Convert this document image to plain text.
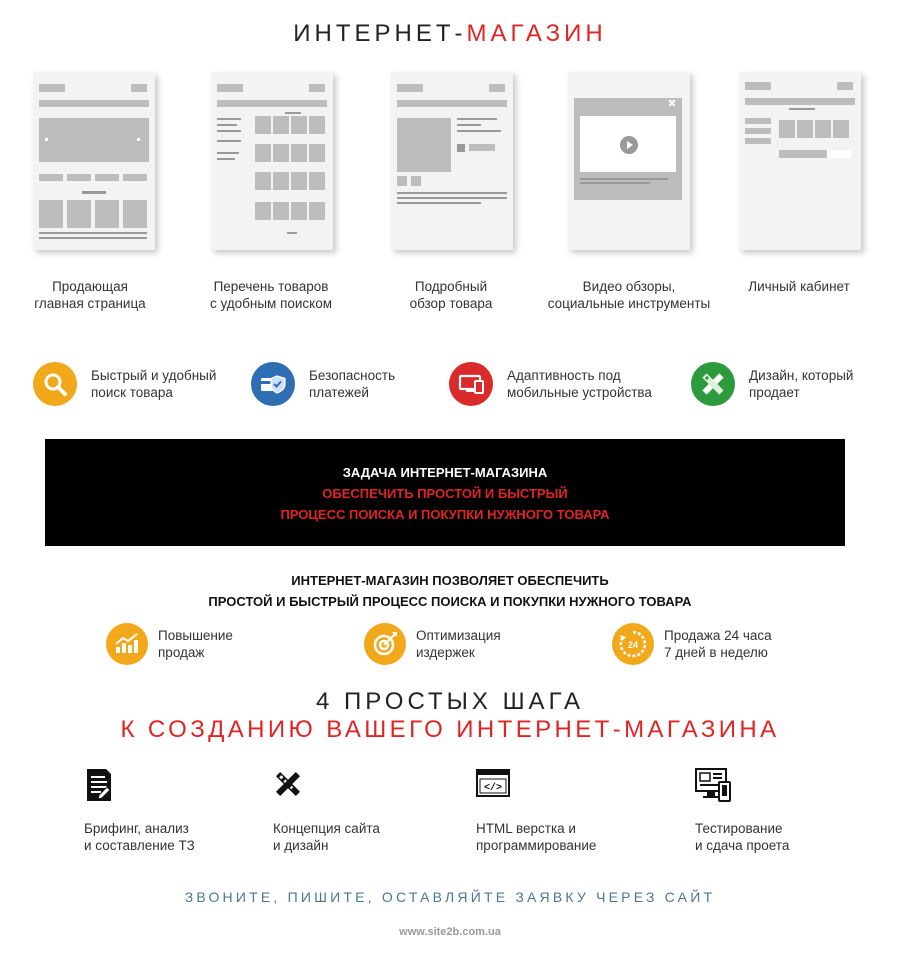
ИНТЕРНЕТ-МАГАЗИН
Продающая
главная страница
Перечень товаров
с удобным поиском
Подробный
обзор товара
Видео обзоры,
социальные инструменты
Личный кабинет
Быстрый и удобный
поиск товара
Безопасность
платежей
Адаптивность под
мобильные устройства
Дизайн, который
продает

ЗАДАЧА ИНТЕРНЕТ-МАГАЗИНА

ОБЕСПЕЧИТЬ ПРОСТОЙ И БЫСТРЫЙ

ПРОЦЕСС ПОИСКА И ПОКУПКИ НУЖНОГО ТОВАРА

ИНТЕРНЕТ-МАГАЗИН ПОЗВОЛЯЕТ ОБЕСПЕЧИТЬ
ПРОСТОЙ И БЫСТРЫЙ ПРОЦЕСС ПОИСКА И ПОКУПКИ НУЖНОГО ТОВАРА
Повышение
продаж
Оптимизация
издержек	24
Продажа 24 часа
7 дней в неделю
4 ПРОСТЫХ ШАГА
К СОЗДАНИЮ ВАШЕГО ИНТЕРНЕТ-МАГАЗИНА
</>
Брифинг, анализ
и составление ТЗ
Концепция сайта
и дизайн
HTML верстка и
программирование
Тестирование
и сдача проета
ЗВОНИТЕ, ПИШИТЕ, ОСТАВЛЯЙТЕ ЗАЯВКУ ЧЕРЕЗ САЙТ
www.site2b.com.ua
